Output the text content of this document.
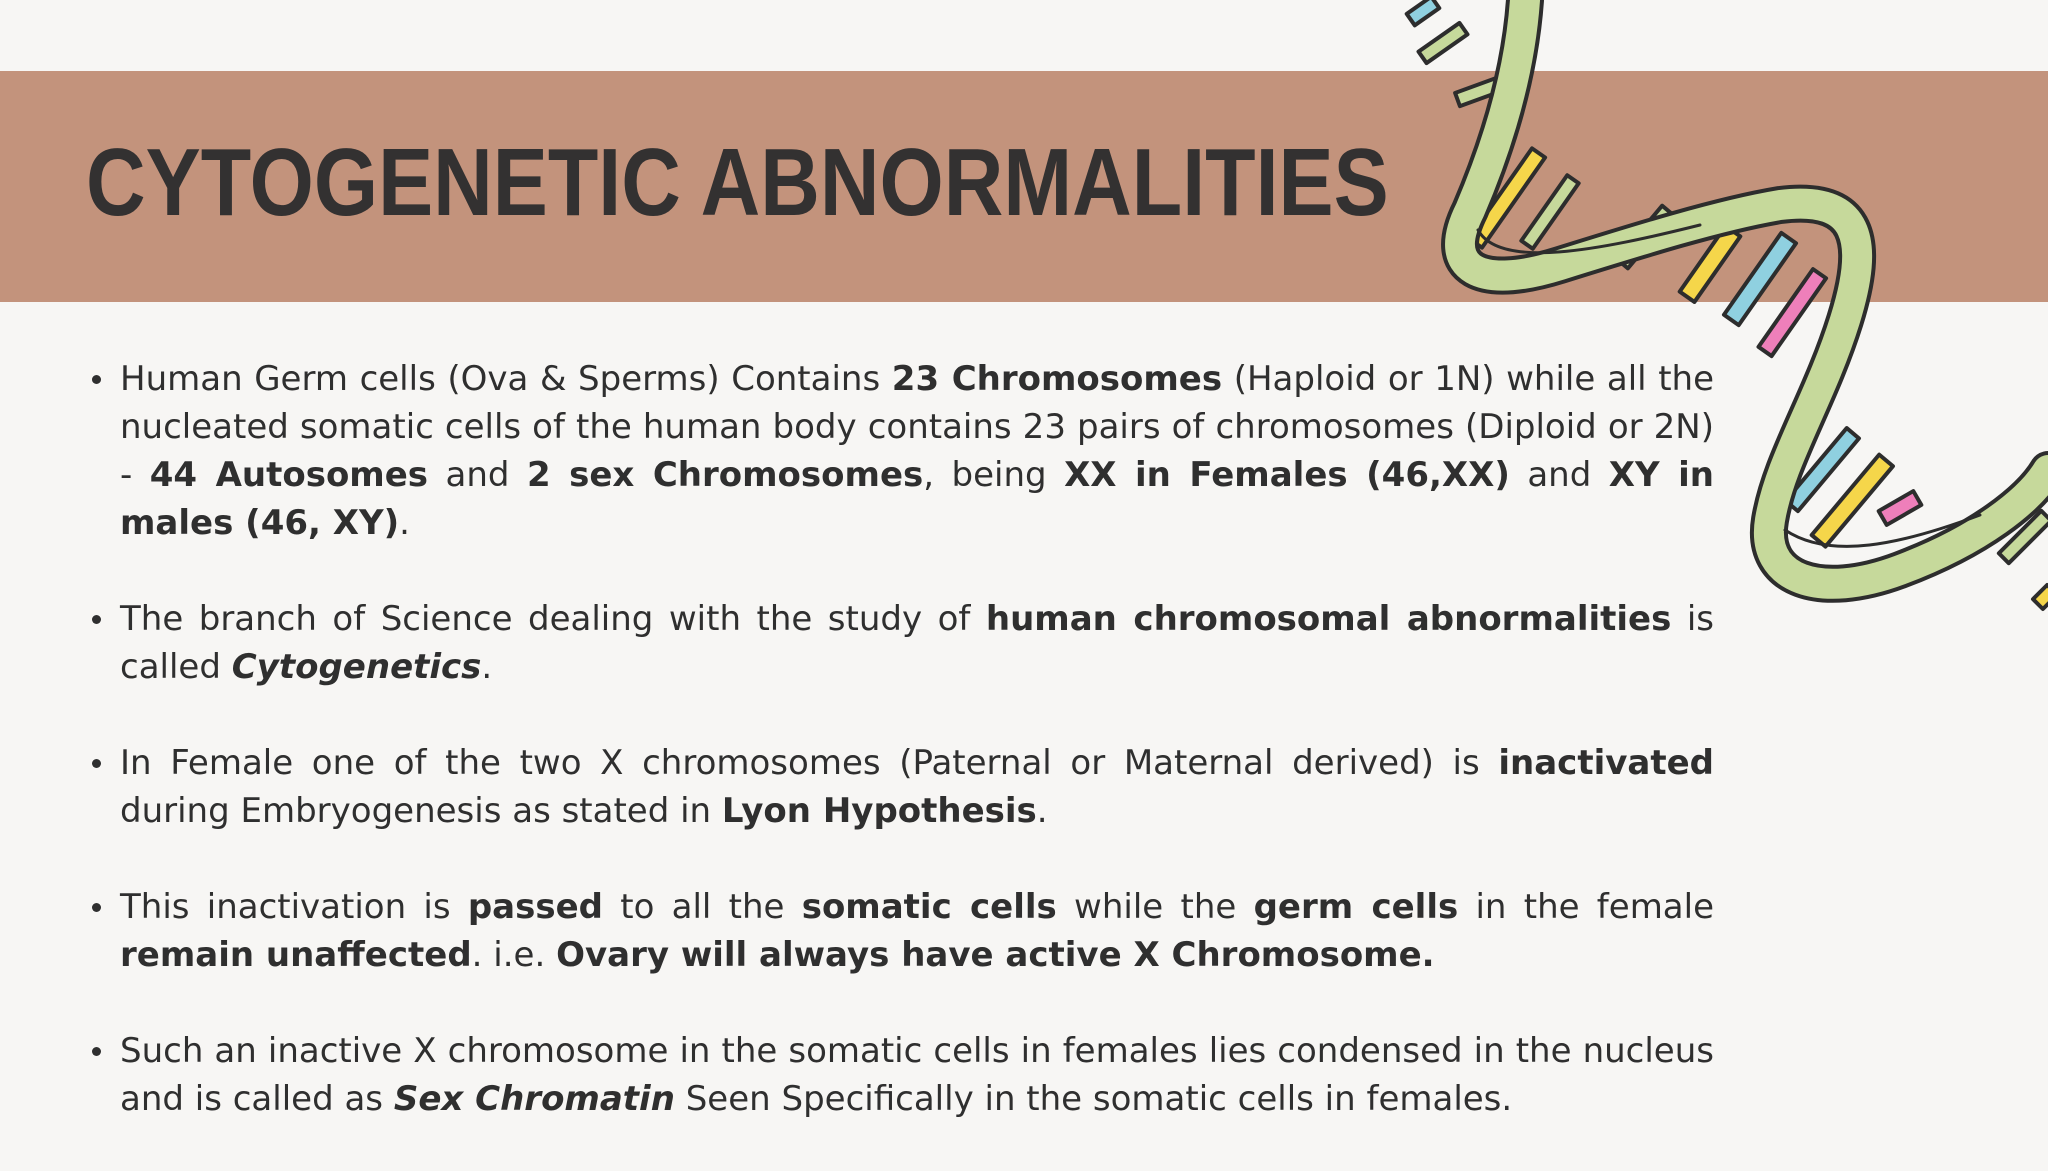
CYTOGENETIC ABNORMALITIES
Human Germ cells (Ova & Sperms) Contains 23 Chromosomes (Haploid or 1N) while all the nucleated somatic cells of the human body contains 23 pairs of chromosomes (Diploid or 2N) - 44 Autosomes and 2 sex Chromosomes, being XX in Females (46,XX) and XY in males (46, XY).
The branch of Science dealing with the study of human chromosomal abnormalities is called Cytogenetics.
In Female one of the two X chromosomes (Paternal or Maternal derived) is inactivated during Embryogenesis as stated in Lyon Hypothesis.
This inactivation is passed to all the somatic cells while the germ cells in the female remain unaffected. i.e. Ovary will always have active X Chromosome.
Such an inactive X chromosome in the somatic cells in females lies condensed in the nucleus and is called as Sex Chromatin Seen Specifically in the somatic cells in females.
